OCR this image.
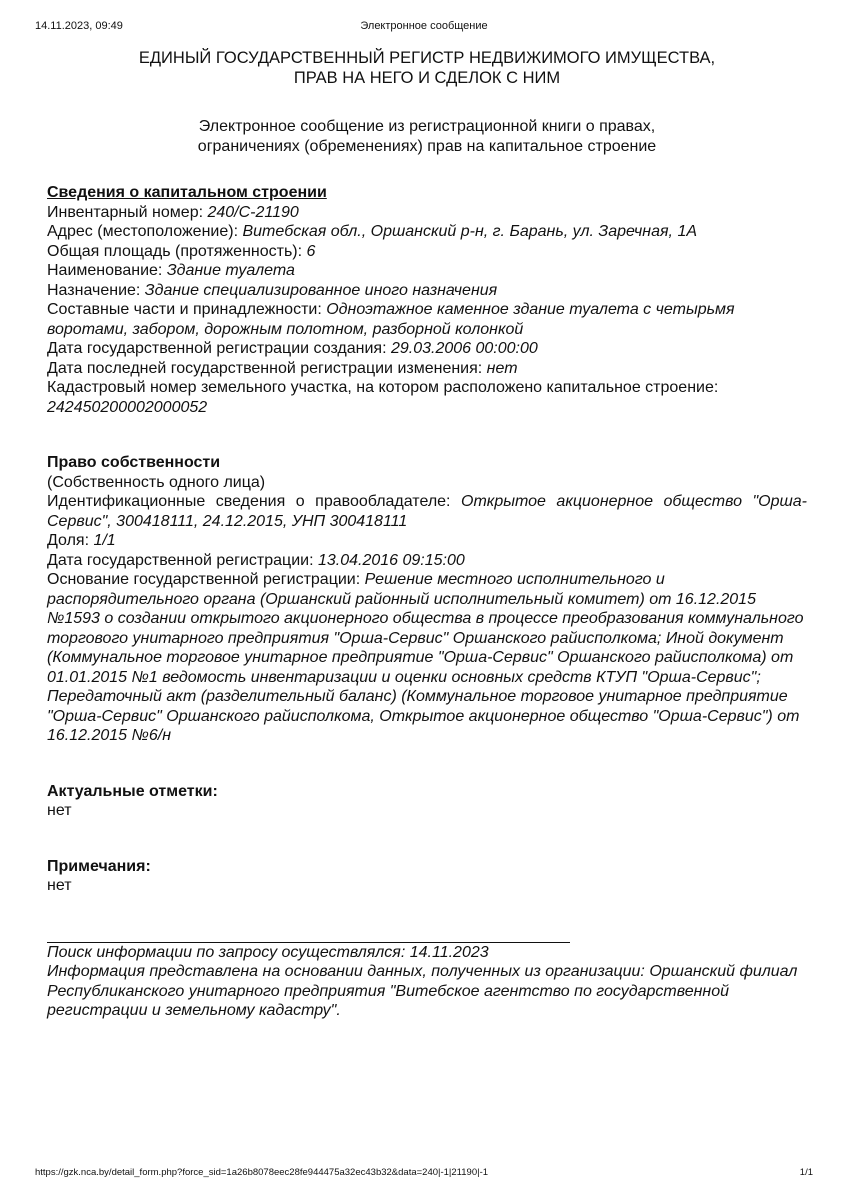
14.11.2023, 09:49	Электронное сообщение

ЕДИНЫЙ ГОСУДАРСТВЕННЫЙ РЕГИСТР НЕДВИЖИМОГО ИМУЩЕСТВА,
ПРАВ НА НЕГО И СДЕЛОК С НИМ

Электронное сообщение из регистрационной книги о правах,
ограничениях (обременениях) прав на капитальное строение

Сведения о капитальном строении

Инвентарный номер: 240/C-21190

Адрес (местоположение): Витебская обл., Оршанский р-н, г. Барань, ул. Заречная, 1А

Общая площадь (протяженность): 6

Наименование: Здание туалета

Назначение: Здание специализированное иного назначения

Составные части и принадлежности: Одноэтажное каменное здание туалета с четырьмя воротами, забором, дорожным полотном, разборной колонкой

Дата государственной регистрации создания: 29.03.2006 00:00:00

Дата последней государственной регистрации изменения: нет

Кадастровый номер земельного участка, на котором расположено капитальное строение: 242450200002000052

Право собственности

(Собственность одного лица)

Идентификационные сведения о правообладателе: Открытое акционерное общество "Орша-Сервис", 300418111, 24.12.2015, УНП 300418111

Доля: 1/1

Дата государственной регистрации: 13.04.2016 09:15:00

Основание государственной регистрации: Решение местного исполнительного и распорядительного органа (Оршанский районный исполнительный комитет) от 16.12.2015 №1593 о создании открытого акционерного общества в процессе преобразования коммунального торгового унитарного предприятия "Орша-Сервис" Оршанского райисполкома; Иной документ (Коммунальное торговое унитарное предприятие "Орша-Сервис" Оршанского райисполкома) от 01.01.2015 №1 ведомость инвентаризации и оценки основных средств КТУП "Орша-Сервис"; Передаточный акт (разделительный баланс) (Коммунальное торговое унитарное предприятие "Орша-Сервис" Оршанского райисполкома, Открытое акционерное общество "Орша-Сервис") от 16.12.2015 №6/н

Актуальные отметки:

нет

Примечания:

нет

Поиск информации по запросу осуществлялся: 14.11.2023

Информация представлена на основании данных, полученных из организации: Оршанский филиал Республиканского унитарного предприятия "Витебское агентство по государственной регистрации и земельному кадастру".

https://gzk.nca.by/detail_form.php?force_sid=1a26b8078eec28fe944475a32ec43b32&data=240|-1|21190|-1	1/1
